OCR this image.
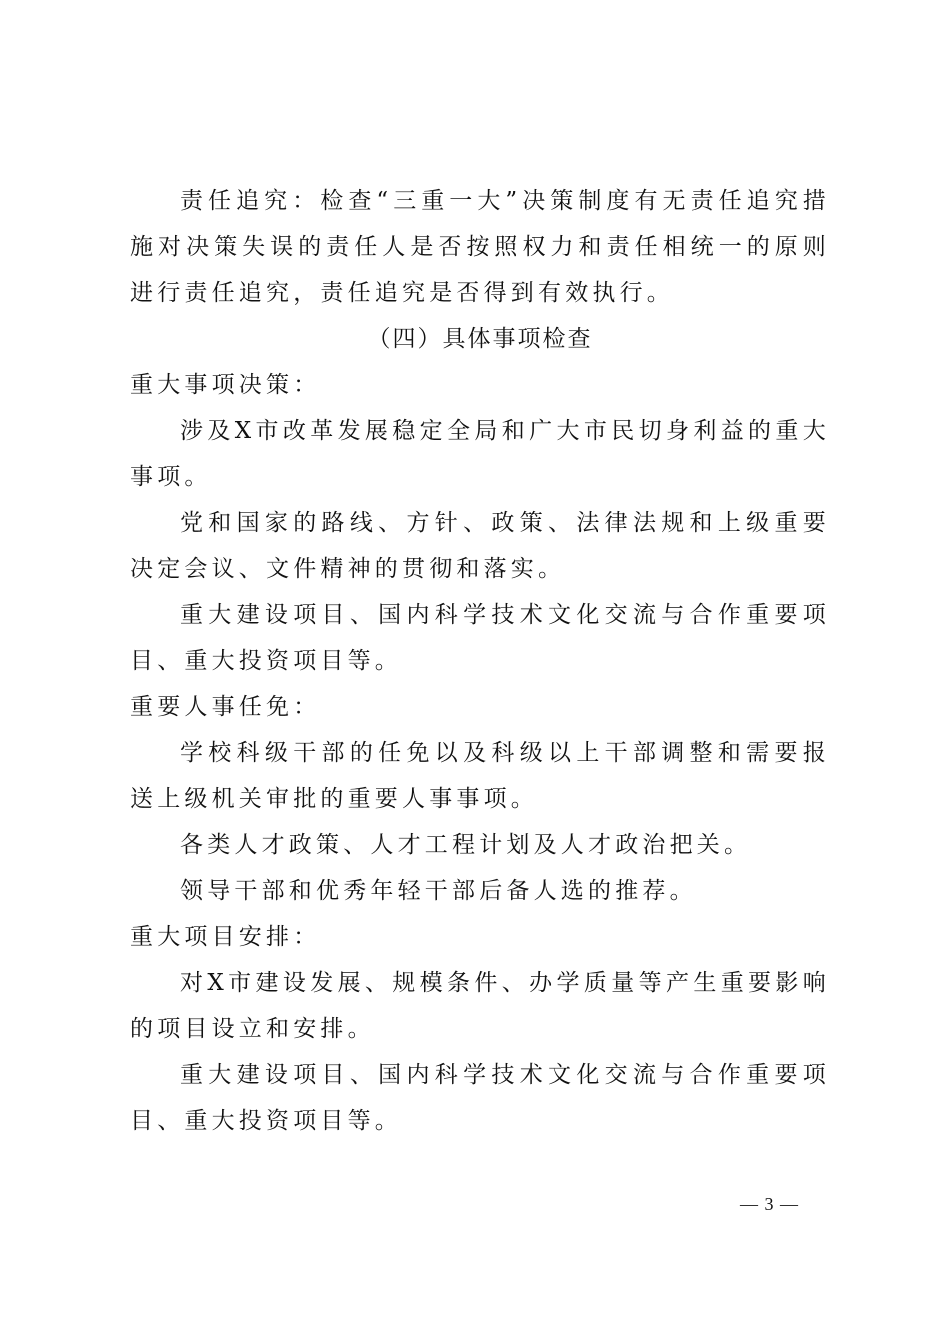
责任追究：检查“三重一大”决策制度有无责任追究措施对决策失误的责任人是否按照权力和责任相统一的原则进行责任追究，责任追究是否得到有效执行。

（四）具体事项检查

重大事项决策：

涉及X市改革发展稳定全局和广大市民切身利益的重大事项。

党和国家的路线、方针、政策、法律法规和上级重要决定会议、文件精神的贯彻和落实。

重大建设项目、国内科学技术文化交流与合作重要项目、重大投资项目等。

重要人事任免：

学校科级干部的任免以及科级以上干部调整和需要报送上级机关审批的重要人事事项。

各类人才政策、人才工程计划及人才政治把关。

领导干部和优秀年轻干部后备人选的推荐。

重大项目安排：

对X市建设发展、规模条件、办学质量等产生重要影响的项目设立和安排。

重大建设项目、国内科学技术文化交流与合作重要项目、重大投资项目等。

— 3 —
